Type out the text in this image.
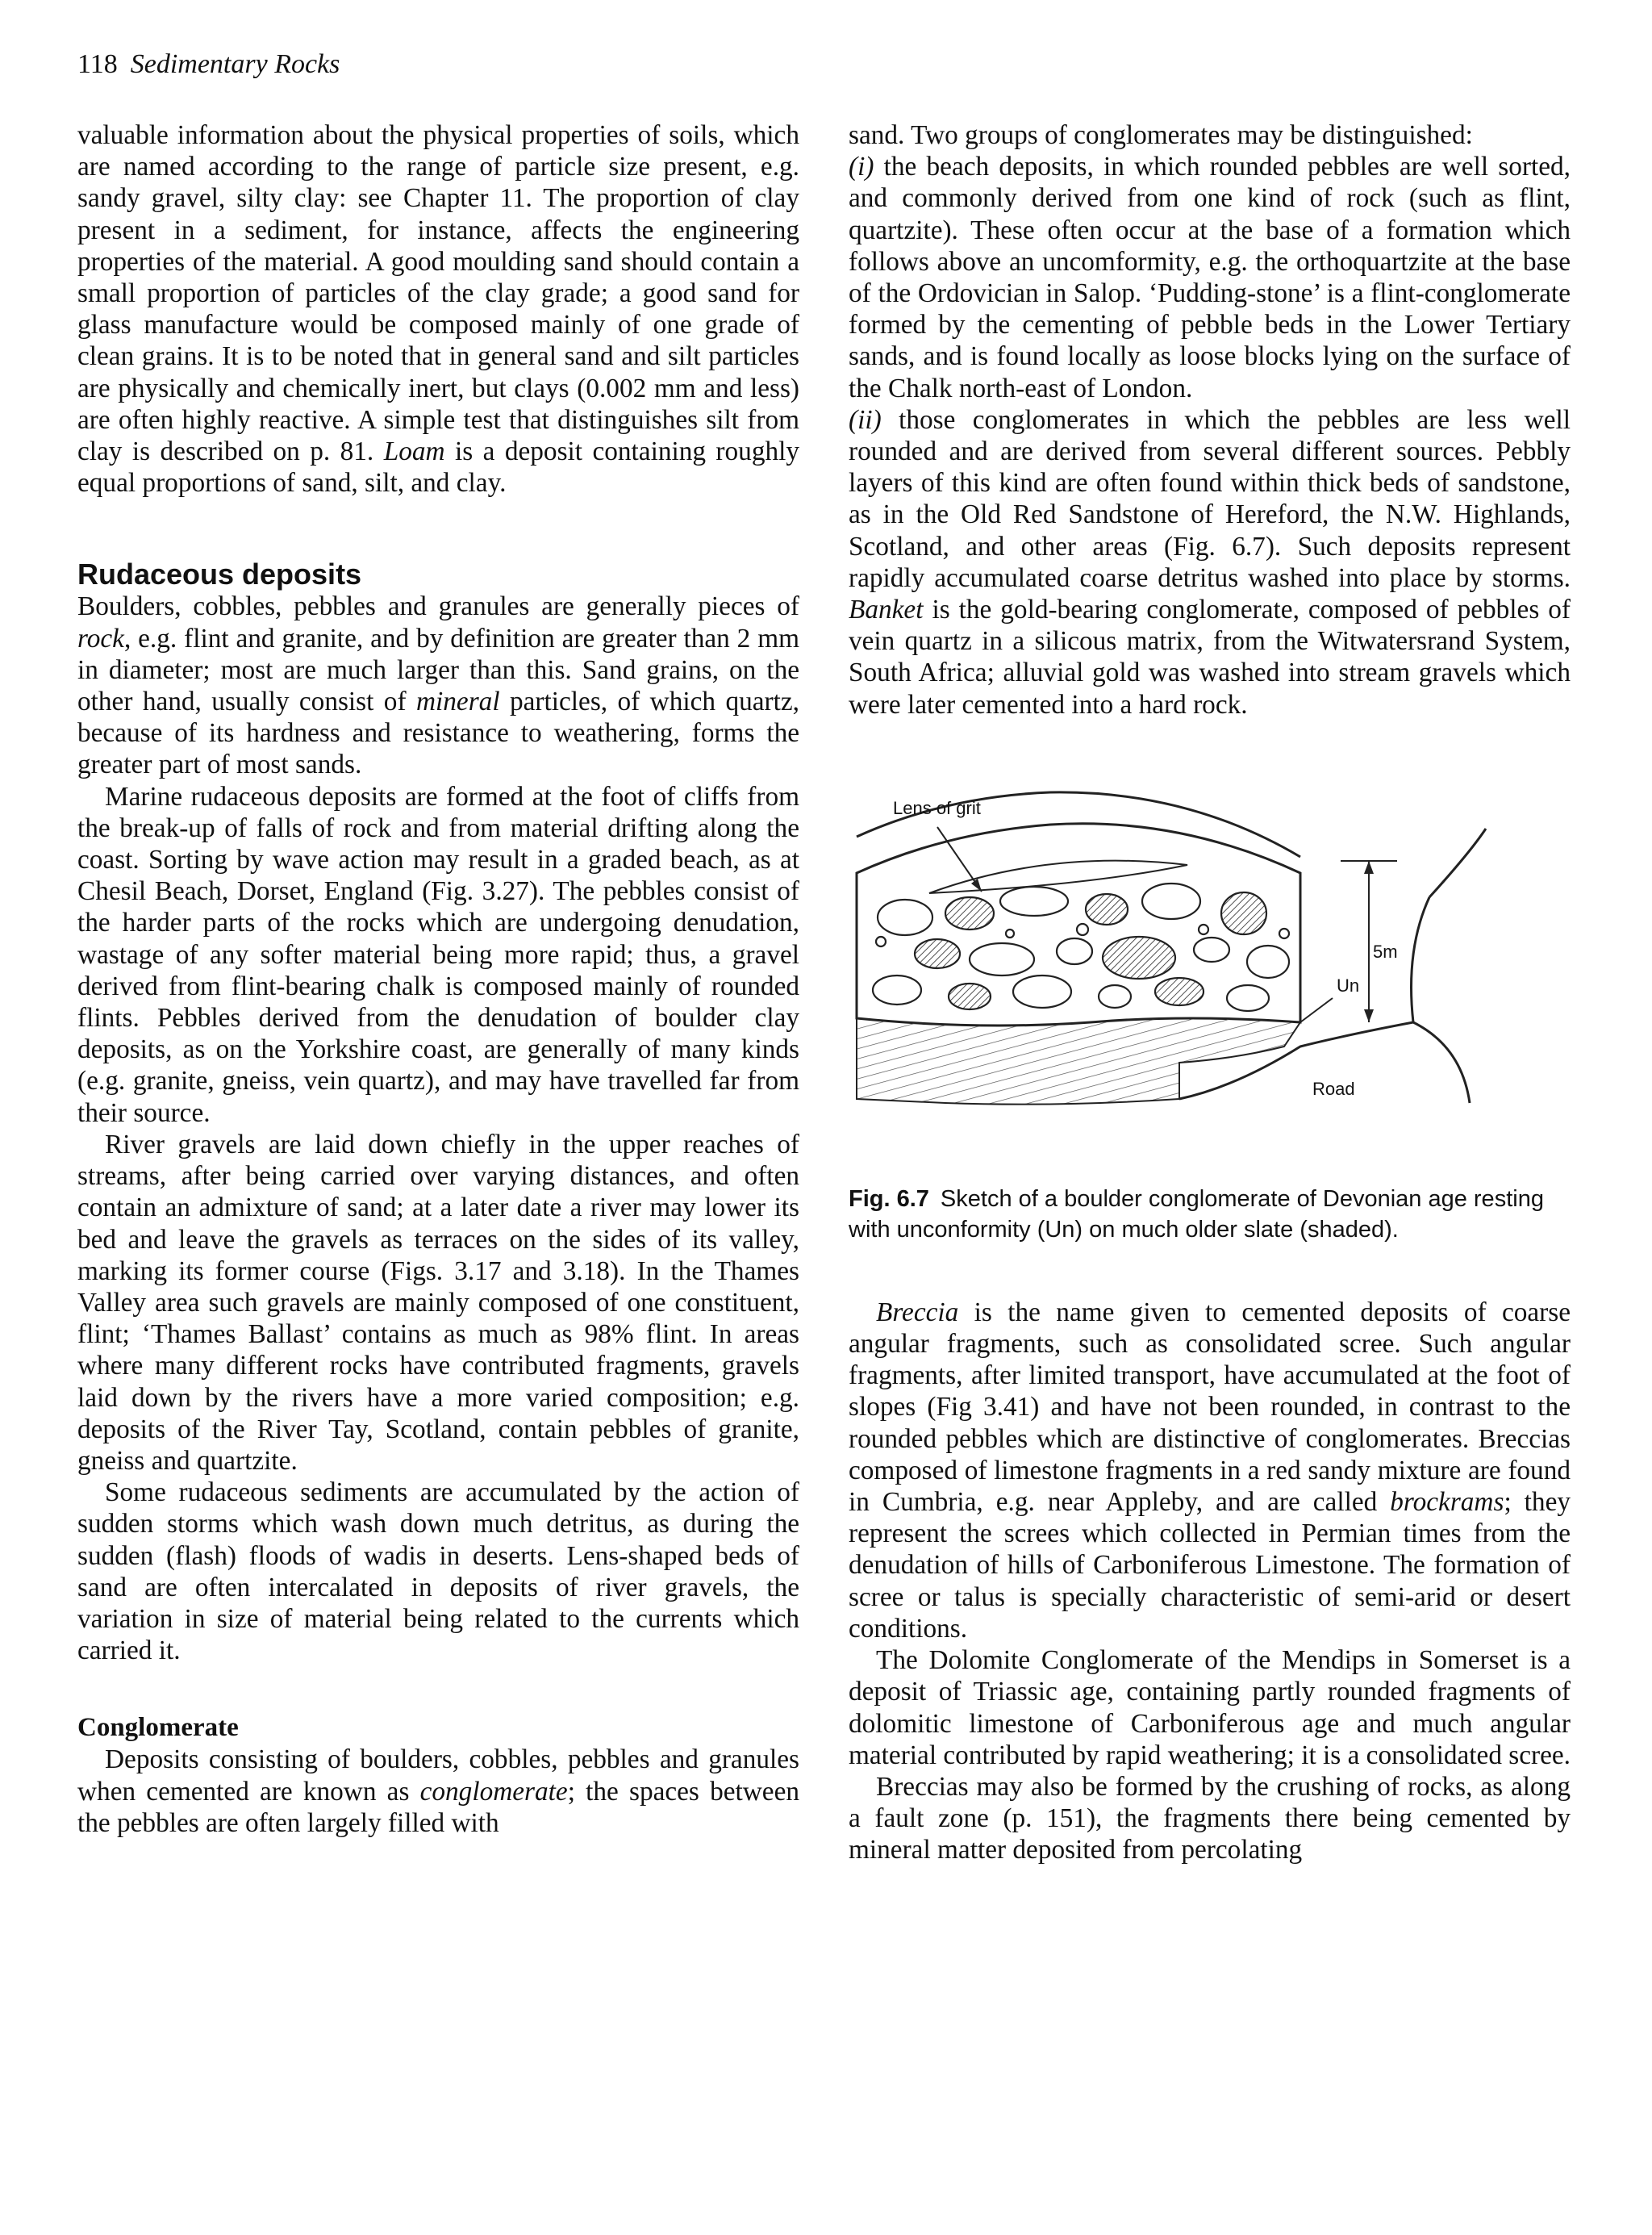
118 Sedimentary Rocks

valuable information about the physical properties of soils, which are named according to the range of particle size present, e.g. sandy gravel, silty clay: see Chapter 11. The proportion of clay present in a sediment, for instance, affects the engineering properties of the material. A good moulding sand should contain a small proportion of particles of the clay grade; a good sand for glass manufacture would be composed mainly of one grade of clean grains. It is to be noted that in general sand and silt particles are physically and chemically inert, but clays (0.002 mm and less) are often highly reactive. A simple test that distinguishes silt from clay is described on p. 81. Loam is a deposit containing roughly equal proportions of sand, silt, and clay.

Rudaceous deposits

Boulders, cobbles, pebbles and granules are generally pieces of rock, e.g. flint and granite, and by definition are greater than 2 mm in diameter; most are much larger than this. Sand grains, on the other hand, usually consist of mineral particles, of which quartz, because of its hardness and resistance to weathering, forms the greater part of most sands.

Marine rudaceous deposits are formed at the foot of cliffs from the break-up of falls of rock and from material drifting along the coast. Sorting by wave action may result in a graded beach, as at Chesil Beach, Dorset, England (Fig. 3.27). The pebbles consist of the harder parts of the rocks which are undergoing denudation, wastage of any softer material being more rapid; thus, a gravel derived from flint-bearing chalk is composed mainly of rounded flints. Pebbles derived from the denudation of boulder clay deposits, as on the Yorkshire coast, are generally of many kinds (e.g. granite, gneiss, vein quartz), and may have travelled far from their source.

River gravels are laid down chiefly in the upper reaches of streams, after being carried over varying distances, and often contain an admixture of sand; at a later date a river may lower its bed and leave the gravels as terraces on the sides of its valley, marking its former course (Figs. 3.17 and 3.18). In the Thames Valley area such gravels are mainly composed of one constituent, flint; ‘Thames Ballast’ contains as much as 98% flint. In areas where many different rocks have contributed fragments, gravels laid down by the rivers have a more varied composition; e.g. deposits of the River Tay, Scotland, contain pebbles of granite, gneiss and quartzite.

Some rudaceous sediments are accumulated by the action of sudden storms which wash down much detritus, as during the sudden (flash) floods of wadis in deserts. Lens-shaped beds of sand are often intercalated in deposits of river gravels, the variation in size of material being related to the currents which carried it.

Conglomerate

Deposits consisting of boulders, cobbles, pebbles and granules when cemented are known as conglomerate; the spaces between the pebbles are often largely filled with

sand. Two groups of conglomerates may be distinguished:

(i) the beach deposits, in which rounded pebbles are well sorted, and commonly derived from one kind of rock (such as flint, quartzite). These often occur at the base of a formation which follows above an uncomformity, e.g. the orthoquartzite at the base of the Ordovician in Salop. ‘Pudding-stone’ is a flint-conglomerate formed by the cementing of pebble beds in the Lower Tertiary sands, and is found locally as loose blocks lying on the surface of the Chalk north-east of London.

(ii) those conglomerates in which the pebbles are less well rounded and are derived from several different sources. Pebbly layers of this kind are often found within thick beds of sandstone, as in the Old Red Sandstone of Hereford, the N.W. Highlands, Scotland, and other areas (Fig. 6.7). Such deposits represent rapidly accumulated coarse detritus washed into place by storms. Banket is the gold-bearing conglomerate, composed of pebbles of vein quartz in a silicous matrix, from the Witwatersrand System, South Africa; alluvial gold was washed into stream gravels which were later cemented into a hard rock.

Lens of grit
5m
Un
Road

Fig. 6.7 Sketch of a boulder conglomerate of Devonian age resting with unconformity (Un) on much older slate (shaded).

Breccia is the name given to cemented deposits of coarse angular fragments, such as consolidated scree. Such angular fragments, after limited transport, have accumulated at the foot of slopes (Fig 3.41) and have not been rounded, in contrast to the rounded pebbles which are distinctive of conglomerates. Breccias composed of limestone fragments in a red sandy mixture are found in Cumbria, e.g. near Appleby, and are called brockrams; they represent the screes which collected in Permian times from the denudation of hills of Carboniferous Limestone. The formation of scree or talus is specially characteristic of semi-arid or desert conditions.

The Dolomite Conglomerate of the Mendips in Somerset is a deposit of Triassic age, containing partly rounded fragments of dolomitic limestone of Carboniferous age and much angular material contributed by rapid weathering; it is a consolidated scree.

Breccias may also be formed by the crushing of rocks, as along a fault zone (p. 151), the fragments there being cemented by mineral matter deposited from percolating
